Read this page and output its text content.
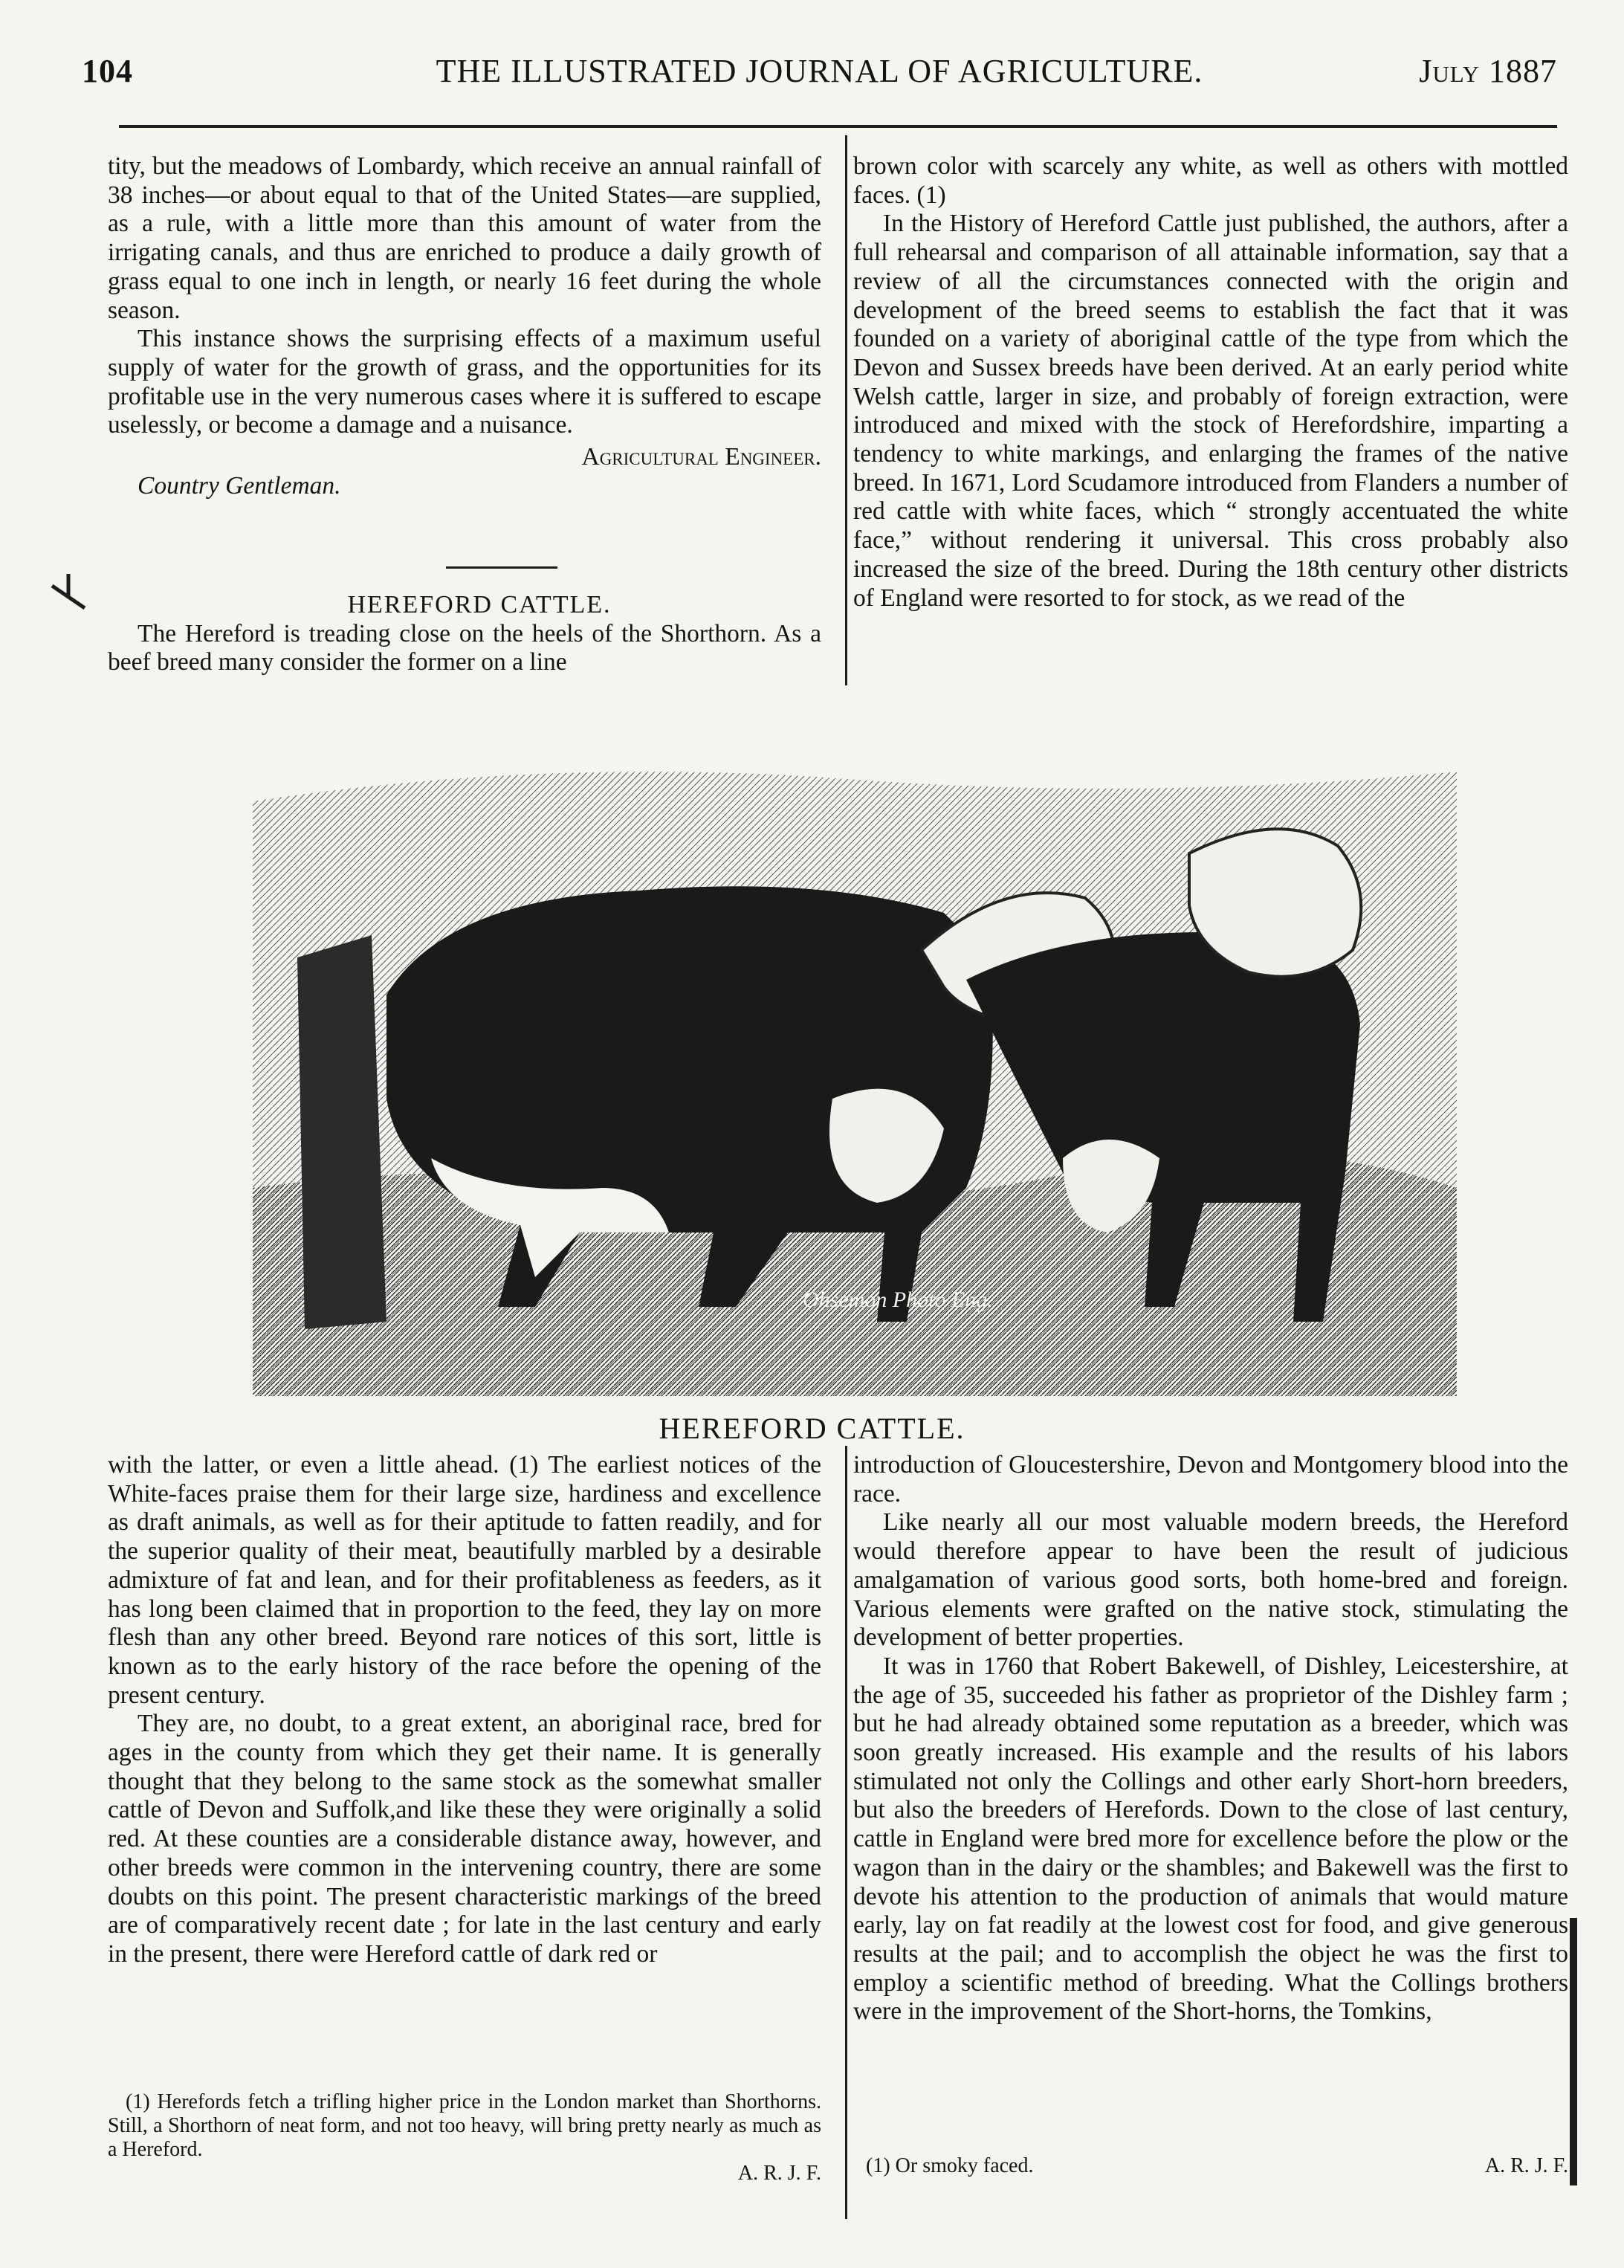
104	THE ILLUSTRATED JOURNAL OF AGRICULTURE.	July 1887

tity, but the meadows of Lombardy, which receive an annual rainfall of 38 inches—or about equal to that of the United States—are supplied, as a rule, with a little more than this amount of water from the irrigating canals, and thus are enriched to produce a daily growth of grass equal to one inch in length, or nearly 16 feet during the whole season.

This instance shows the surprising effects of a maximum useful supply of water for the growth of grass, and the opportunities for its profitable use in the very numerous cases where it is suffered to escape uselessly, or become a damage and a nuisance.

Agricultural Engineer.

Country Gentleman.

HEREFORD CATTLE.

The Hereford is treading close on the heels of the Shorthorn. As a beef breed many consider the former on a line

brown color with scarcely any white, as well as others with mottled faces. (1)

In the History of Hereford Cattle just published, the authors, after a full rehearsal and comparison of all attainable information, say that a review of all the circumstances connected with the origin and development of the breed seems to establish the fact that it was founded on a variety of aboriginal cattle of the type from which the Devon and Sussex breeds have been derived. At an early period white Welsh cattle, larger in size, and probably of foreign extraction, were introduced and mixed with the stock of Herefordshire, imparting a tendency to white markings, and enlarging the frames of the native breed. In 1671, Lord Scudamore introduced from Flanders a number of red cattle with white faces, which “ strongly accentuated the white face,” without rendering it universal. This cross probably also increased the size of the breed. During the 18th century other districts of England were resorted to for stock, as we read of the

Ohsemon Photo Eng.
HEREFORD CATTLE.

with the latter, or even a little ahead. (1) The earliest notices of the White-faces praise them for their large size, hardiness and excellence as draft animals, as well as for their aptitude to fatten readily, and for the superior quality of their meat, beautifully marbled by a desirable admixture of fat and lean, and for their profitableness as feeders, as it has long been claimed that in proportion to the feed, they lay on more flesh than any other breed. Beyond rare notices of this sort, little is known as to the early history of the race before the opening of the present century.

They are, no doubt, to a great extent, an aboriginal race, bred for ages in the county from which they get their name. It is generally thought that they belong to the same stock as the somewhat smaller cattle of Devon and Suffolk,and like these they were originally a solid red. At these counties are a considerable distance away, however, and other breeds were common in the intervening country, there are some doubts on this point. The present characteristic markings of the breed are of comparatively recent date ; for late in the last century and early in the present, there were Hereford cattle of dark red or

(1) Herefords fetch a trifling higher price in the London market than Shorthorns. Still, a Shorthorn of neat form, and not too heavy, will bring pretty nearly as much as a Hereford.

A. R. J. F.

introduction of Gloucestershire, Devon and Montgomery blood into the race.

Like nearly all our most valuable modern breeds, the Hereford would therefore appear to have been the result of judicious amalgamation of various good sorts, both home-bred and foreign. Various elements were grafted on the native stock, stimulating the development of better properties.

It was in 1760 that Robert Bakewell, of Dishley, Leicestershire, at the age of 35, succeeded his father as proprietor of the Dishley farm ; but he had already obtained some reputation as a breeder, which was soon greatly increased. His example and the results of his labors stimulated not only the Collings and other early Short-horn breeders, but also the breeders of Herefords. Down to the close of last century, cattle in England were bred more for excellence before the plow or the wagon than in the dairy or the shambles; and Bakewell was the first to devote his attention to the production of animals that would mature early, lay on fat readily at the lowest cost for food, and give generous results at the pail; and to accomplish the object he was the first to employ a scientific method of breeding. What the Collings brothers were in the improvement of the Short-horns, the Tomkins,

(1) Or smoky faced.	A. R. J. F.
